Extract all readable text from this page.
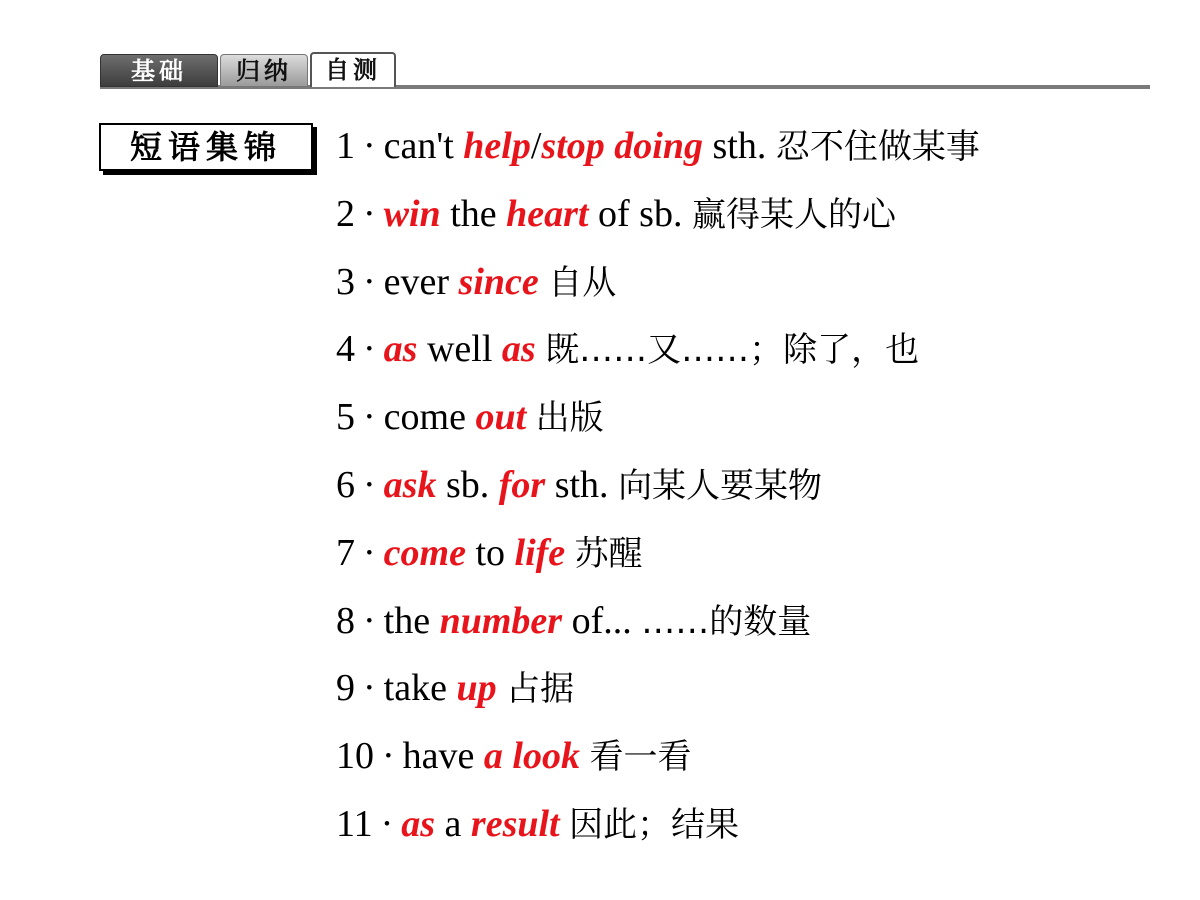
基础	归纳	自测
短语集锦	1 · can't help/stop doing sth. 忍不住做某事
2 · win the heart of sb. 赢得某人的心
3 · ever since 自从
4 · as well as 既……又……；除了，也
5 · come out 出版
6 · ask sb. for sth. 向某人要某物
7 · come to life 苏醒
8 · the number of... ……的数量
9 · take up 占据
10 · have a look 看一看
11 · as a result 因此；结果
